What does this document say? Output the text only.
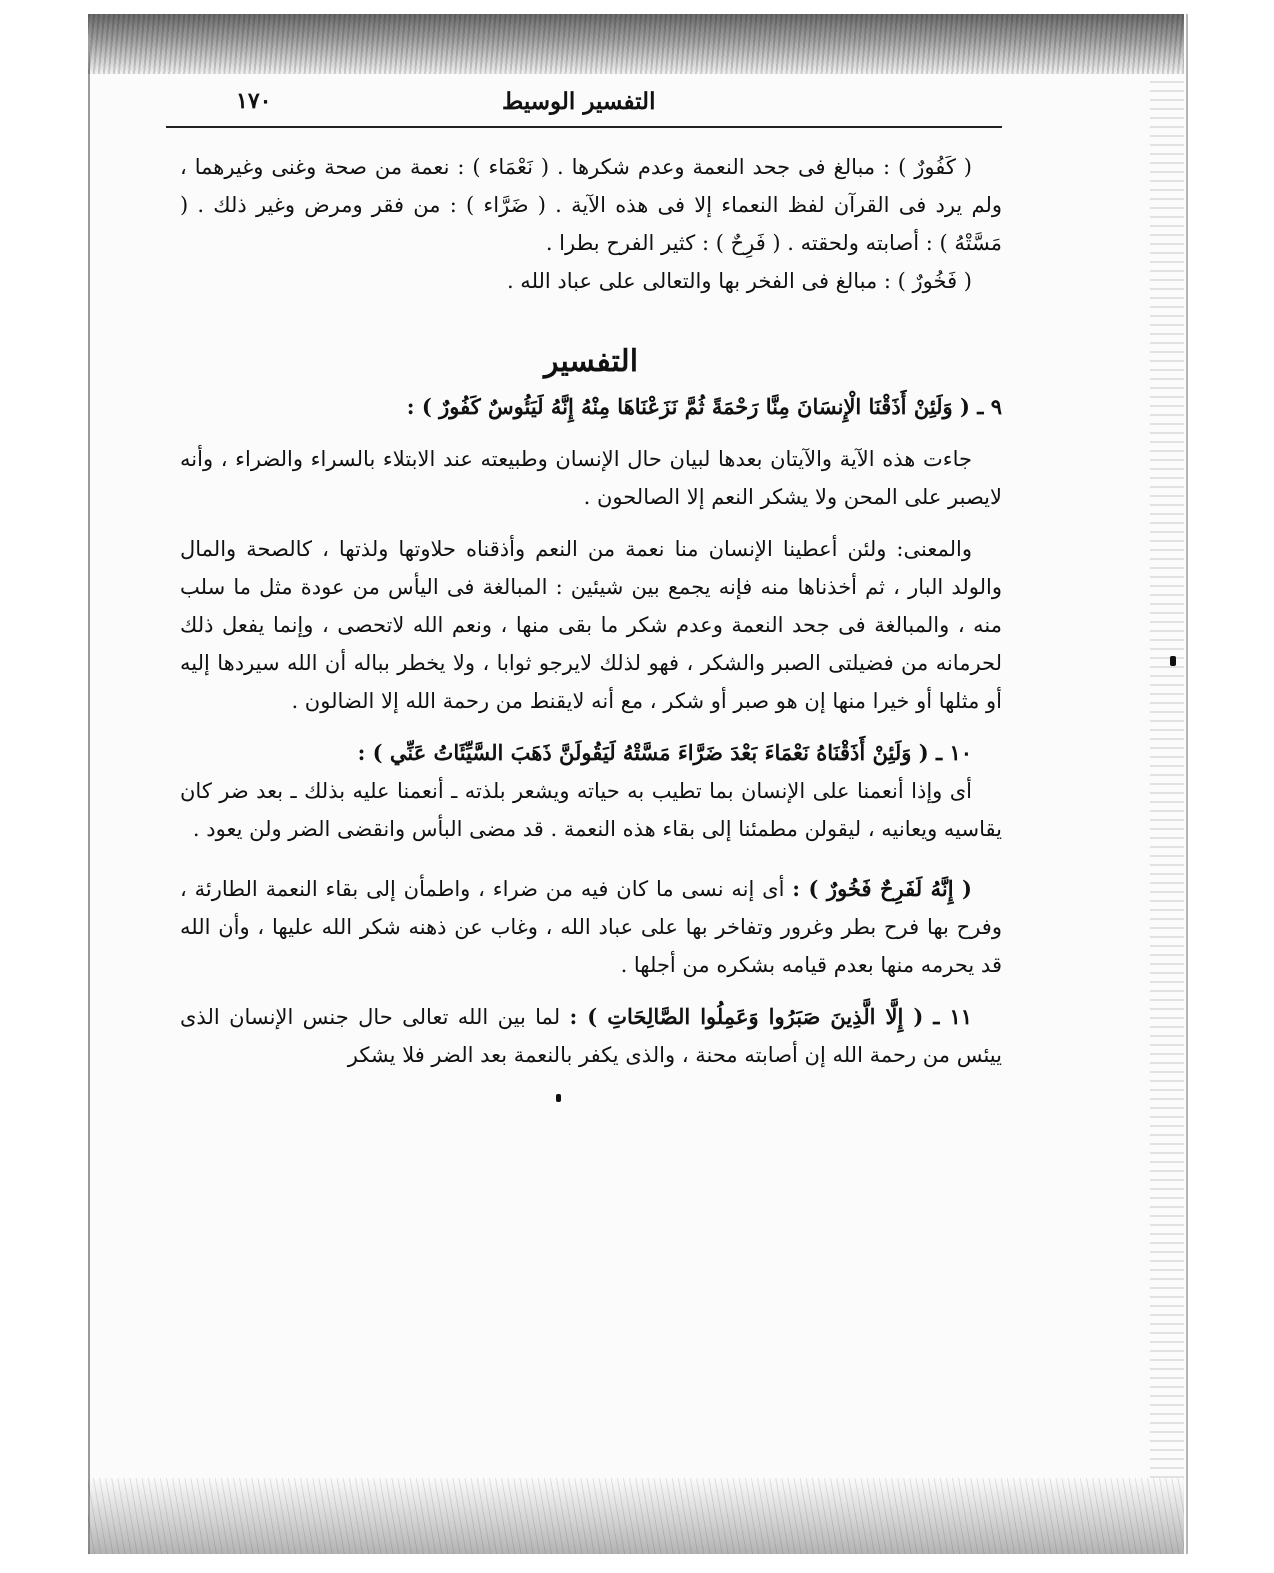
١٧٠	التفسير الوسيط

( كَفُورٌ ) : مبالغ فى جحد النعمة وعدم شكرها . ( نَعْمَاء ) : نعمة من صحة وغنى وغيرهما ، ولم يرد فى القرآن لفظ النعماء إلا فى هذه الآية . ( ضَرَّاء ) : من فقر ومرض وغير ذلك . ( مَسَّتْهُ ) : أصابته ولحقته . ( فَرِحٌ ) : كثير الفرح بطرا .

( فَخُورٌ ) : مبالغ فى الفخر بها والتعالى على عباد الله .

التفسير

٩ ـ ( وَلَئِنْ أَذَقْنَا الْإِنسَانَ مِنَّا رَحْمَةً ثُمَّ نَزَعْنَاهَا مِنْهُ إِنَّهُ لَيَئُوسٌ كَفُورٌ ) :

جاءت هذه الآية والآيتان بعدها لبيان حال الإنسان وطبيعته عند الابتلاء بالسراء والضراء ، وأنه لايصبر على المحن ولا يشكر النعم إلا الصالحون .

والمعنى: ولئن أعطينا الإنسان منا نعمة من النعم وأذقناه حلاوتها ولذتها ، كالصحة والمال والولد البار ، ثم أخذناها منه فإنه يجمع بين شيئين : المبالغة فى اليأس من عودة مثل ما سلب منه ، والمبالغة فى جحد النعمة وعدم شكر ما بقى منها ، ونعم الله لاتحصى ، وإنما يفعل ذلك لحرمانه من فضيلتى الصبر والشكر ، فهو لذلك لايرجو ثوابا ، ولا يخطر بباله أن الله سيردها إليه أو مثلها أو خيرا منها إن هو صبر أو شكر ، مع أنه لايقنط من رحمة الله إلا الضالون .

١٠ ـ ( وَلَئِنْ أَذَقْنَاهُ نَعْمَاءَ بَعْدَ ضَرَّاءَ مَسَّتْهُ لَيَقُولَنَّ ذَهَبَ السَّيِّئَاتُ عَنِّي ) :

أى وإذا أنعمنا على الإنسان بما تطيب به حياته ويشعر بلذته ـ أنعمنا عليه بذلك ـ بعد ضر كان يقاسيه ويعانيه ، ليقولن مطمئنا إلى بقاء هذه النعمة . قد مضى البأس وانقضى الضر ولن يعود .

( إِنَّهُ لَفَرِحٌ فَخُورٌ ) : أى إنه نسى ما كان فيه من ضراء ، واطمأن إلى بقاء النعمة الطارئة ، وفرح بها فرح بطر وغرور وتفاخر بها على عباد الله ، وغاب عن ذهنه شكر الله عليها ، وأن الله قد يحرمه منها بعدم قيامه بشكره من أجلها .

١١ ـ ( إِلَّا الَّذِينَ صَبَرُوا وَعَمِلُوا الصَّالِحَاتِ ) : لما بين الله تعالى حال جنس الإنسان الذى ييئس من رحمة الله إن أصابته محنة ، والذى يكفر بالنعمة بعد الضر فلا يشكر
